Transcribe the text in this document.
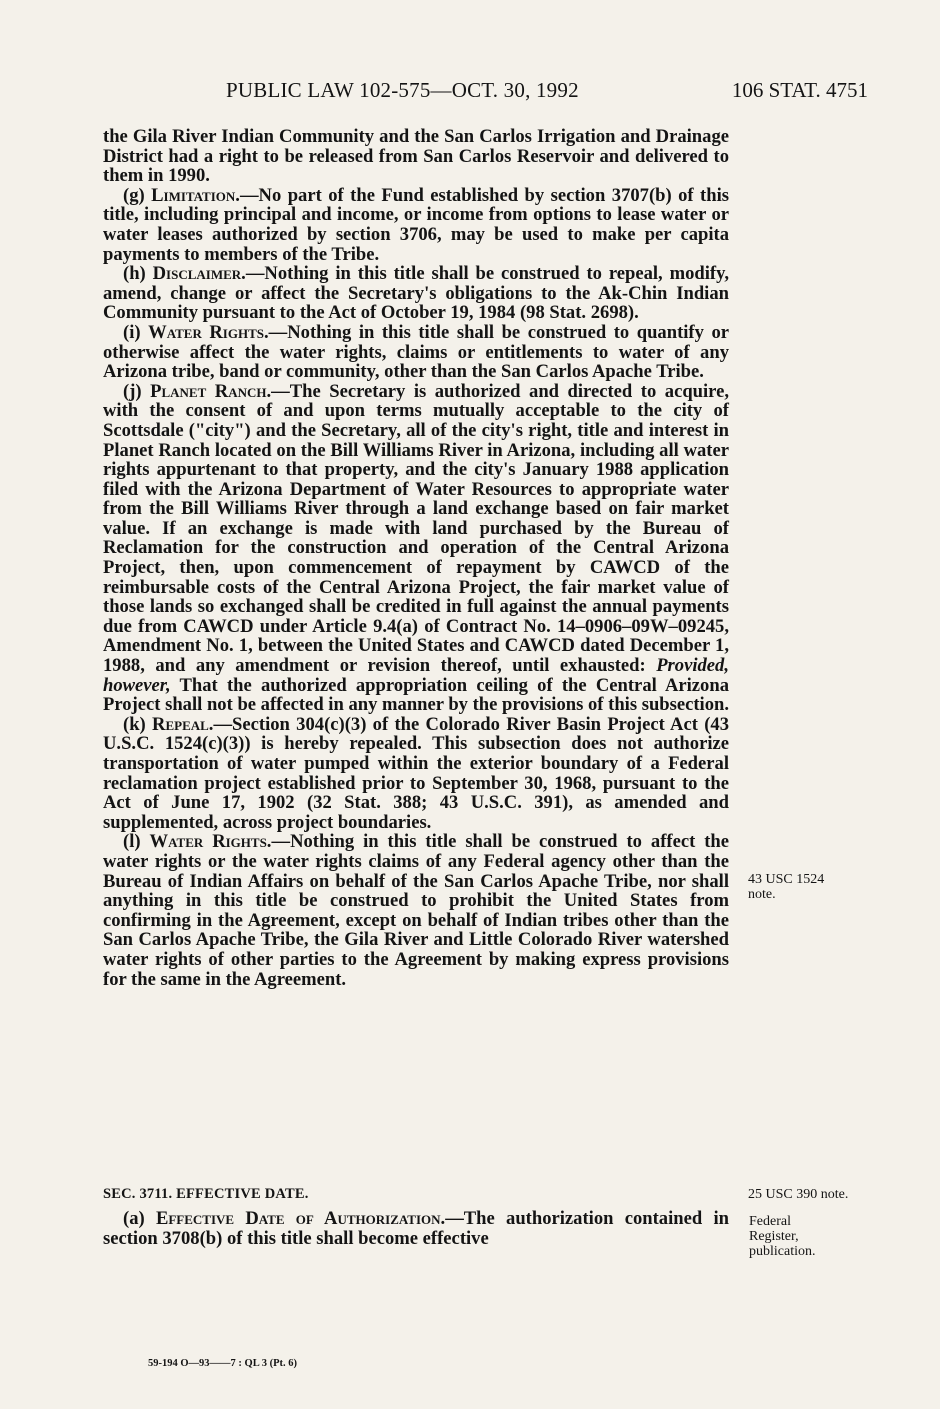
PUBLIC LAW 102-575—OCT. 30, 1992	106 STAT. 4751

the Gila River Indian Community and the San Carlos Irrigation and Drainage District had a right to be released from San Carlos Reservoir and delivered to them in 1990.

(g) Limitation.—No part of the Fund established by section 3707(b) of this title, including principal and income, or income from options to lease water or water leases authorized by section 3706, may be used to make per capita payments to members of the Tribe.

(h) Disclaimer.—Nothing in this title shall be construed to repeal, modify, amend, change or affect the Secretary's obligations to the Ak-Chin Indian Community pursuant to the Act of October 19, 1984 (98 Stat. 2698).

(i) Water Rights.—Nothing in this title shall be construed to quantify or otherwise affect the water rights, claims or entitlements to water of any Arizona tribe, band or community, other than the San Carlos Apache Tribe.

(j) Planet Ranch.—The Secretary is authorized and directed to acquire, with the consent of and upon terms mutually acceptable to the city of Scottsdale ("city") and the Secretary, all of the city's right, title and interest in Planet Ranch located on the Bill Williams River in Arizona, including all water rights appurtenant to that property, and the city's January 1988 application filed with the Arizona Department of Water Resources to appropriate water from the Bill Williams River through a land exchange based on fair market value. If an exchange is made with land purchased by the Bureau of Reclamation for the construction and operation of the Central Arizona Project, then, upon commencement of repayment by CAWCD of the reimbursable costs of the Central Arizona Project, the fair market value of those lands so exchanged shall be credited in full against the annual payments due from CAWCD under Article 9.4(a) of Contract No. 14–0906–09W–09245, Amendment No. 1, between the United States and CAWCD dated December 1, 1988, and any amendment or revision thereof, until exhausted: Provided, however, That the authorized appropriation ceiling of the Central Arizona Project shall not be affected in any manner by the provisions of this subsection.

(k) Repeal.—Section 304(c)(3) of the Colorado River Basin Project Act (43 U.S.C. 1524(c)(3)) is hereby repealed. This subsection does not authorize transportation of water pumped within the exterior boundary of a Federal reclamation project established prior to September 30, 1968, pursuant to the Act of June 17, 1902 (32 Stat. 388; 43 U.S.C. 391), as amended and supplemented, across project boundaries.

(l) Water Rights.—Nothing in this title shall be construed to affect the water rights or the water rights claims of any Federal agency other than the Bureau of Indian Affairs on behalf of the San Carlos Apache Tribe, nor shall anything in this title be construed to prohibit the United States from confirming in the Agreement, except on behalf of Indian tribes other than the San Carlos Apache Tribe, the Gila River and Little Colorado River watershed water rights of other parties to the Agreement by making express provisions for the same in the Agreement.

43 USC 1524
note.
SEC. 3711. EFFECTIVE DATE.	25 USC 390 note.
(a) Effective Date of Authorization.—The authorization contained in section 3708(b) of this title shall become effective
Federal
Register,
publication.
59-194 O—93——7 : QL 3 (Pt. 6)
